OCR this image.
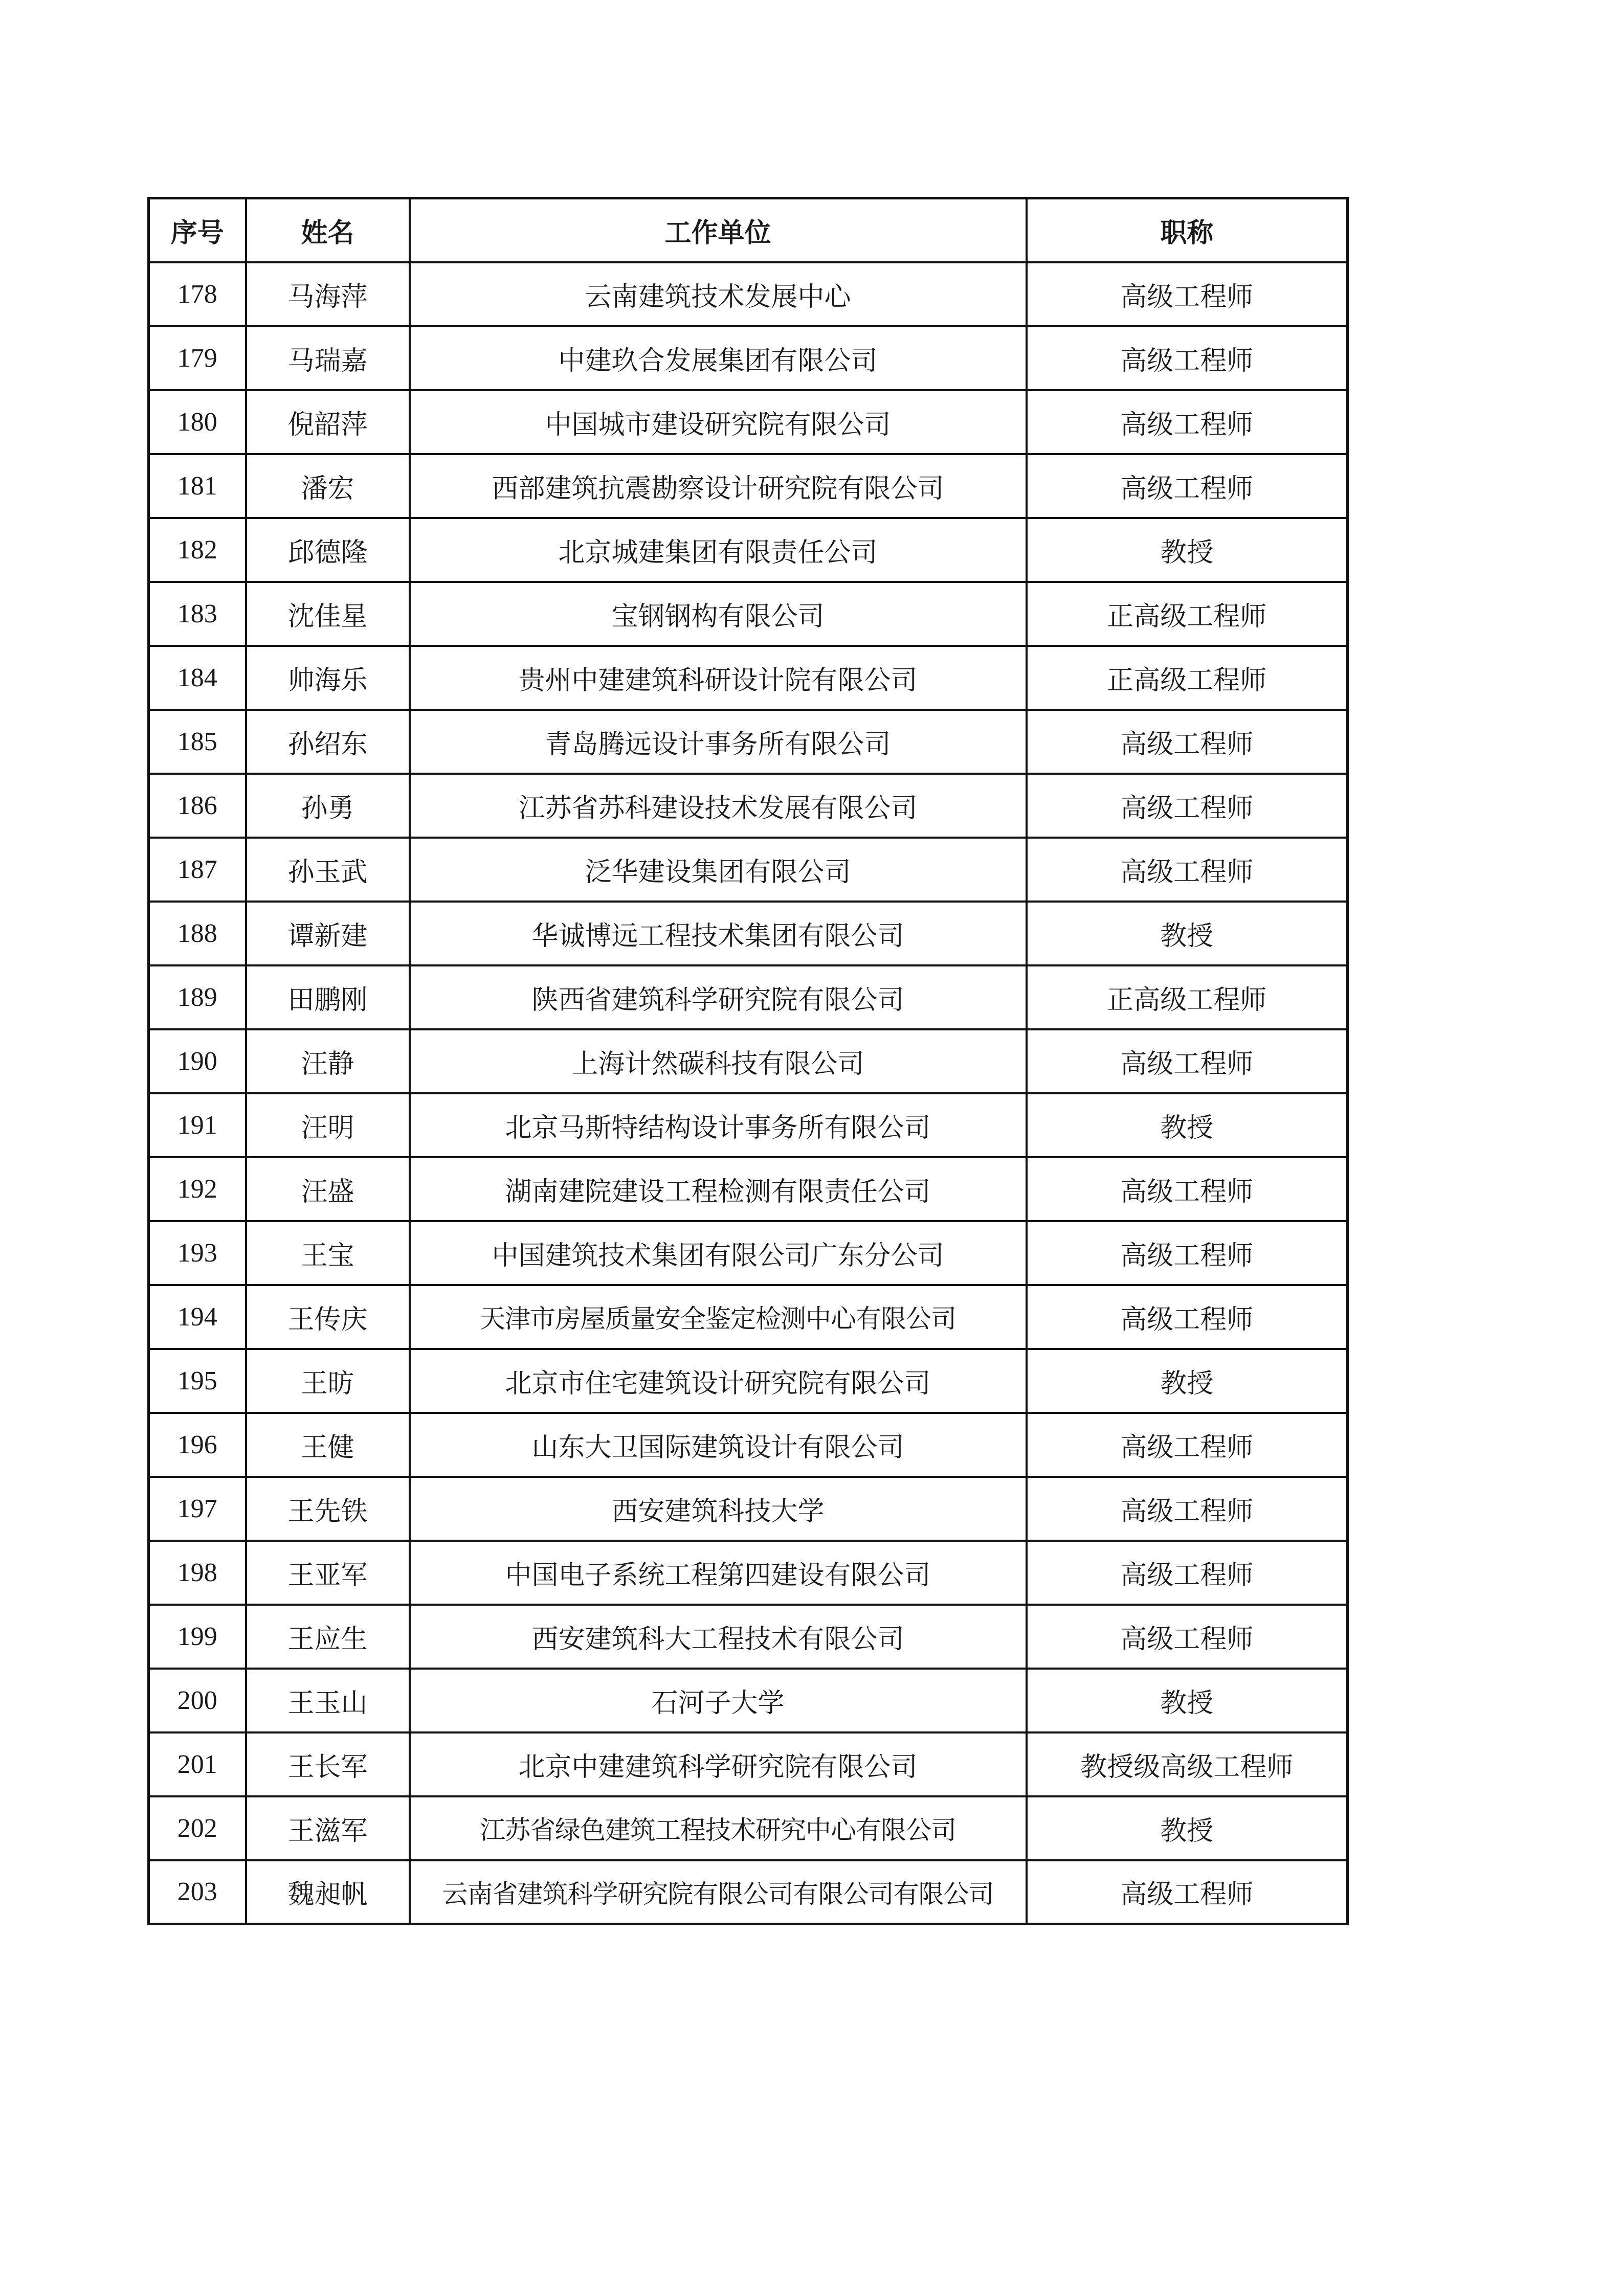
序号	姓名	工作单位	职称
178	马海萍	云南建筑技术发展中心	高级工程师
179	马瑞嘉	中建玖合发展集团有限公司	高级工程师
180	倪韶萍	中国城市建设研究院有限公司	高级工程师
181	潘宏	西部建筑抗震勘察设计研究院有限公司	高级工程师
182	邱德隆	北京城建集团有限责任公司	教授
183	沈佳星	宝钢钢构有限公司	正高级工程师
184	帅海乐	贵州中建建筑科研设计院有限公司	正高级工程师
185	孙绍东	青岛腾远设计事务所有限公司	高级工程师
186	孙勇	江苏省苏科建设技术发展有限公司	高级工程师
187	孙玉武	泛华建设集团有限公司	高级工程师
188	谭新建	华诚博远工程技术集团有限公司	教授
189	田鹏刚	陕西省建筑科学研究院有限公司	正高级工程师
190	汪静	上海计然碳科技有限公司	高级工程师
191	汪明	北京马斯特结构设计事务所有限公司	教授
192	汪盛	湖南建院建设工程检测有限责任公司	高级工程师
193	王宝	中国建筑技术集团有限公司广东分公司	高级工程师
194	王传庆	天津市房屋质量安全鉴定检测中心有限公司	高级工程师
195	王昉	北京市住宅建筑设计研究院有限公司	教授
196	王健	山东大卫国际建筑设计有限公司	高级工程师
197	王先铁	西安建筑科技大学	高级工程师
198	王亚军	中国电子系统工程第四建设有限公司	高级工程师
199	王应生	西安建筑科大工程技术有限公司	高级工程师
200	王玉山	石河子大学	教授
201	王长军	北京中建建筑科学研究院有限公司	教授级高级工程师
202	王滋军	江苏省绿色建筑工程技术研究中心有限公司	教授
203	魏昶帆	云南省建筑科学研究院有限公司有限公司有限公司	高级工程师
